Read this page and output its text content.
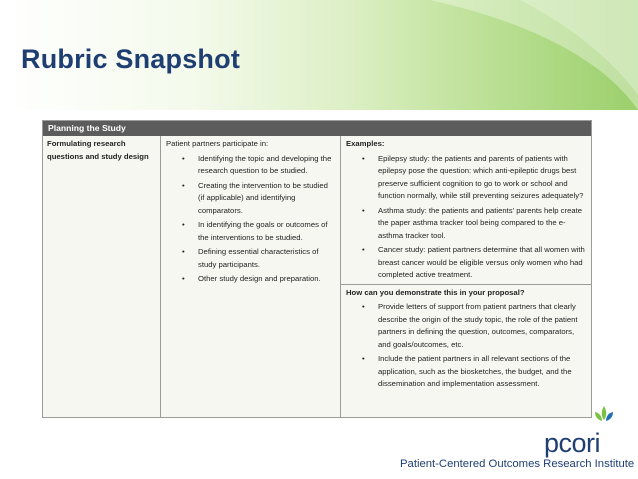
Rubric Snapshot
Planning the Study
Formulating research questions and study design
Patient partners participate in:
• Identifying the topic and developing the research question to be studied.
• Creating the intervention to be studied (if applicable) and identifying comparators.
• In identifying the goals or outcomes of the interventions to be studied.
• Defining essential characteristics of study participants.
• Other study design and preparation.
Examples:
• Epilepsy study: the patients and parents of patients with epilepsy pose the question: which anti-epileptic drugs best preserve sufficient cognition to go to work or school and function normally, while still preventing seizures adequately?
• Asthma study: the patients and patients' parents help create the paper asthma tracker tool being compared to the e-asthma tracker tool.
• Cancer study: patient partners determine that all women with breast cancer would be eligible versus only women who had completed active treatment.
How can you demonstrate this in your proposal?
• Provide letters of support from patient partners that clearly describe the origin of the study topic, the role of the patient partners in defining the question, outcomes, comparators, and goals/outcomes, etc.
• Include the patient partners in all relevant sections of the application, such as the biosketches, the budget, and the dissemination and implementation assessment.
pcori
Patient-Centered Outcomes Research Institute
